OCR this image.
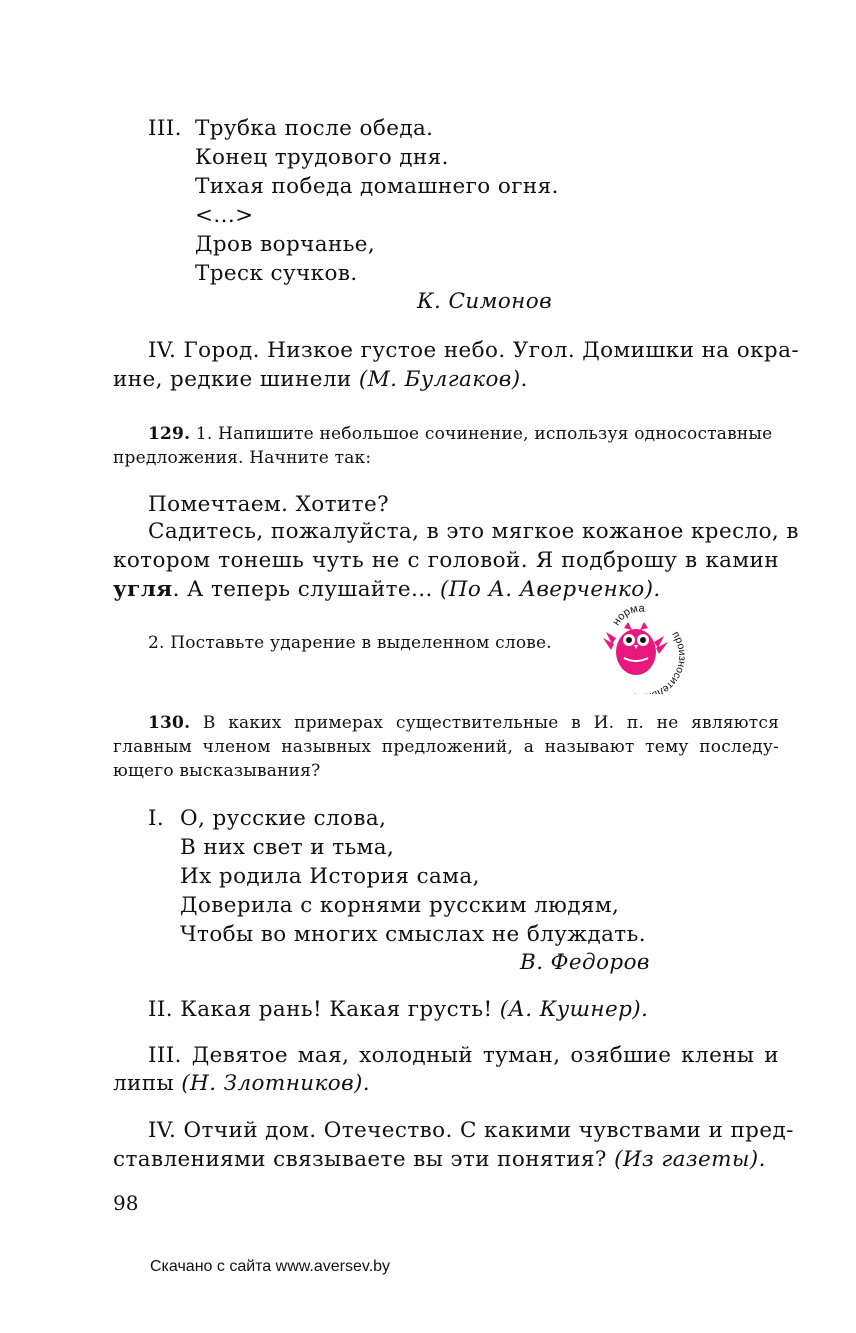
III. Трубка после обеда.
Конец трудового дня.
Тихая победа домашнего огня.
<...>
Дров ворчанье,
Треск сучков.
К. Симонов
IV. Город. Низкое густое небо. Угол. Домишки на окра-
ине, редкие шинели (М. Булгаков).
129. 1. Напишите небольшое сочинение, используя односоставные
предложения. Начните так:
Помечтаем. Хотите?
Садитесь, пожалуйста, в это мягкое кожаное кресло, в
котором тонешь чуть не с головой. Я подброшу в камин
угля. А теперь слушайте... (По А. Аверченко).
2. Поставьте ударение в выделенном слове.
норма
произносител
130. В каких примерах существительные в И. п. не являются
главным членом назывных предложений, а называют тему последу-
ющего высказывания?
I. О, русские слова,
В них свет и тьма,
Их родила История сама,
Доверила с корнями русским людям,
Чтобы во многих смыслах не блуждать.
В. Федоров
II. Какая рань! Какая грусть! (А. Кушнер).
III. Девятое мая, холодный туман, озябшие клены и
липы (Н. Злотников).
IV. Отчий дом. Отечество. С какими чувствами и пред-
ставлениями связываете вы эти понятия? (Из газеты).
98
Скачано с сайта www.aversev.by
